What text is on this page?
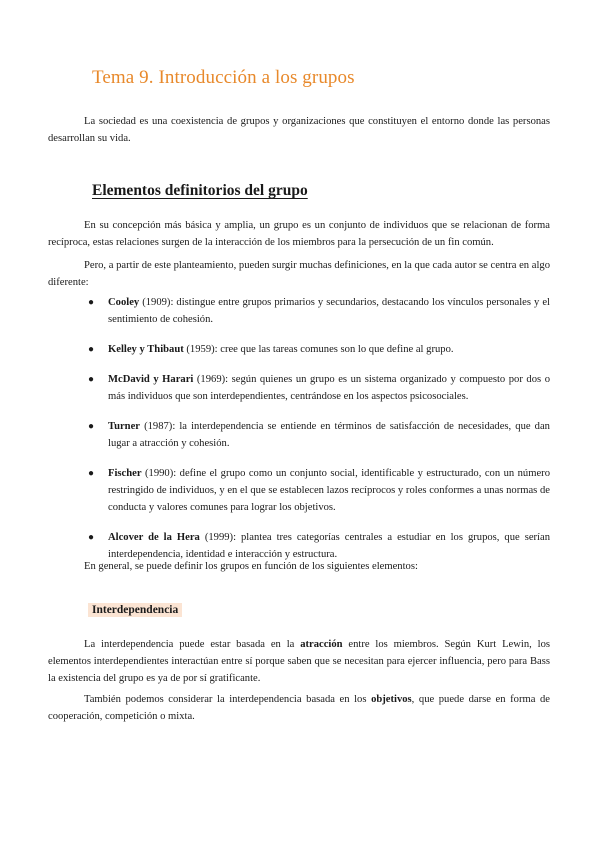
Tema 9. Introducción a los grupos

La sociedad es una coexistencia de grupos y organizaciones que constituyen el entorno donde las personas desarrollan su vida.

Elementos definitorios del grupo

En su concepción más básica y amplia, un grupo es un conjunto de individuos que se relacionan de forma recíproca, estas relaciones surgen de la interacción de los miembros para la persecución de un fin común.

Pero, a partir de este planteamiento, pueden surgir muchas definiciones, en la que cada autor se centra en algo diferente:

● Cooley (1909): distingue entre grupos primarios y secundarios, destacando los vínculos personales y el sentimiento de cohesión.
● Kelley y Thibaut (1959): cree que las tareas comunes son lo que define al grupo.
● McDavid y Harari (1969): según quienes un grupo es un sistema organizado y compuesto por dos o más individuos que son interdependientes, centrándose en los aspectos psicosociales.
● Turner (1987): la interdependencia se entiende en términos de satisfacción de necesidades, que dan lugar a atracción y cohesión.
● Fischer (1990): define el grupo como un conjunto social, identificable y estructurado, con un número restringido de individuos, y en el que se establecen lazos recíprocos y roles conformes a unas normas de conducta y valores comunes para lograr los objetivos.
● Alcover de la Hera (1999): plantea tres categorías centrales a estudiar en los grupos, que serían interdependencia, identidad e interacción y estructura.

En general, se puede definir los grupos en función de los siguientes elementos:

Interdependencia

La interdependencia puede estar basada en la atracción entre los miembros. Según Kurt Lewin, los elementos interdependientes interactúan entre sí porque saben que se necesitan para ejercer influencia, pero para Bass la existencia del grupo es ya de por sí gratificante.

También podemos considerar la interdependencia basada en los objetivos, que puede darse en forma de cooperación, competición o mixta.
